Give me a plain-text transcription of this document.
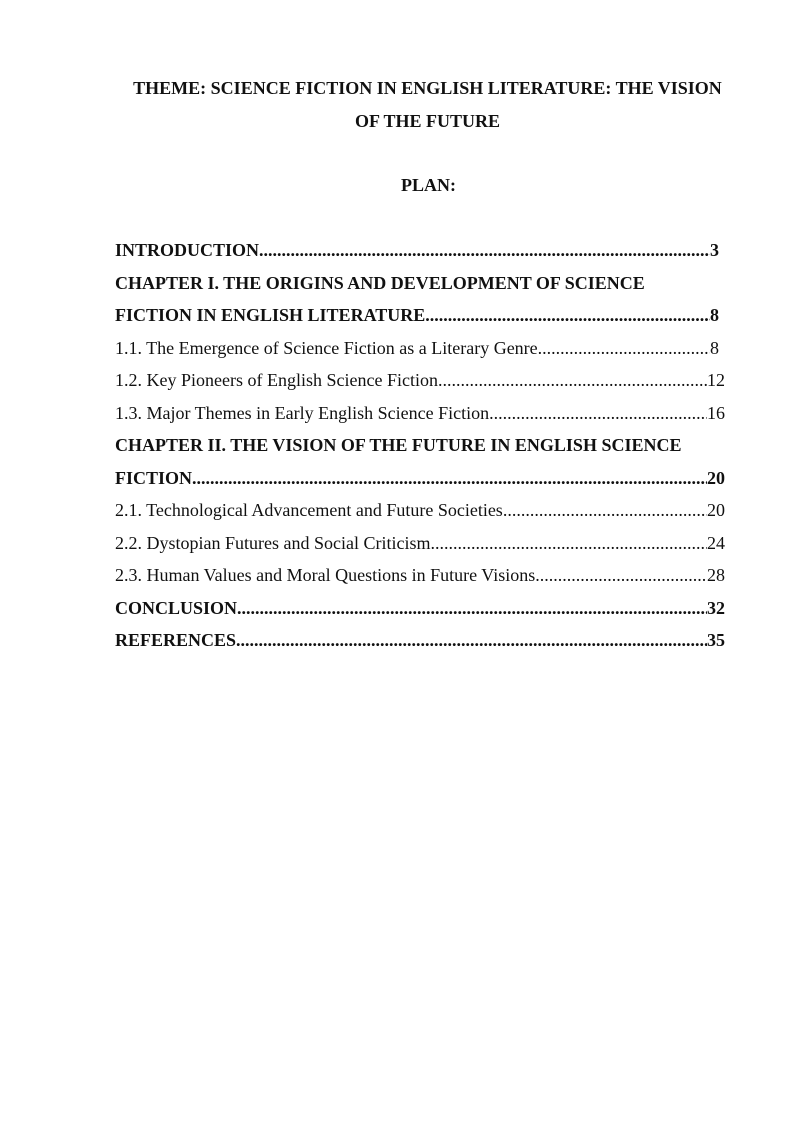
THEME: SCIENCE FICTION IN ENGLISH LITERATURE: THE VISION
OF THE FUTURE
PLAN:
INTRODUCTION .....	3
CHAPTER I. THE ORIGINS AND DEVELOPMENT OF SCIENCE
FICTION IN ENGLISH LITERATURE .....	8
1.1. The Emergence of Science Fiction as a Literary Genre .....	8
1.2. Key Pioneers of English Science Fiction .....	12
1.3. Major Themes in Early English Science Fiction .....	16
CHAPTER II. THE VISION OF THE FUTURE IN ENGLISH SCIENCE
FICTION .....	20
2.1. Technological Advancement and Future Societies .....	20
2.2. Dystopian Futures and Social Criticism .....	24
2.3. Human Values and Moral Questions in Future Visions .....	28
CONCLUSION .....	32
REFERENCES .....	35
